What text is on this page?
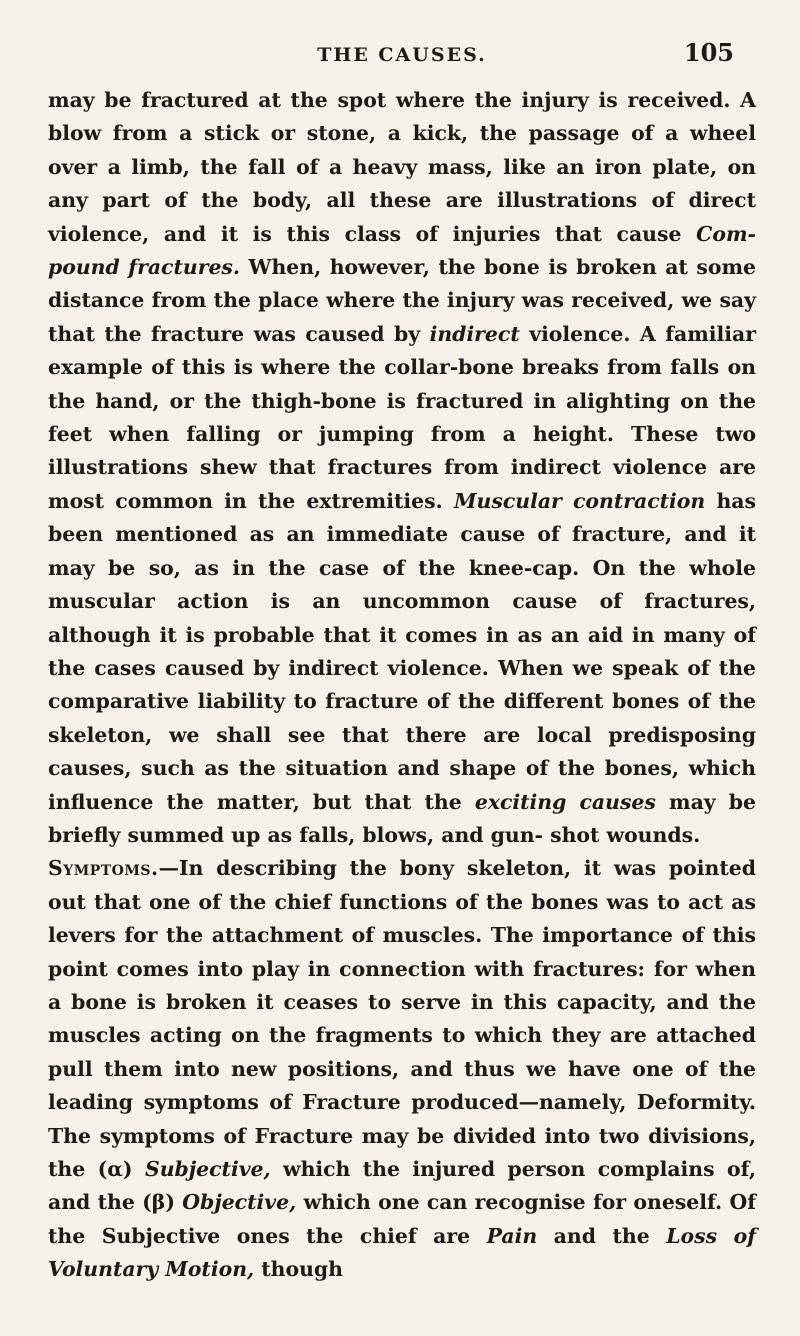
THE CAUSES.	105

may be fractured at the spot where the injury is received. A blow from a stick or stone, a kick, the passage of a wheel over a limb, the fall of a heavy mass, like an iron plate, on any part of the body, all these are illustrations of direct violence, and it is this class of injuries that cause Com- pound fractures. When, however, the bone is broken at some distance from the place where the injury was received, we say that the fracture was caused by indirect violence. A familiar example of this is where the collar-bone breaks from falls on the hand, or the thigh-bone is fractured in alighting on the feet when falling or jumping from a height. These two illustrations shew that fractures from indirect violence are most common in the extremities. Muscular contraction has been mentioned as an immediate cause of fracture, and it may be so, as in the case of the knee-cap. On the whole muscular action is an uncommon cause of fractures, although it is probable that it comes in as an aid in many of the cases caused by indirect violence. When we speak of the comparative liability to fracture of the different bones of the skeleton, we shall see that there are local predisposing causes, such as the situation and shape of the bones, which influence the matter, but that the exciting causes may be briefly summed up as falls, blows, and gun- shot wounds.

Symptoms.—In describing the bony skeleton, it was pointed out that one of the chief functions of the bones was to act as levers for the attachment of muscles. The importance of this point comes into play in connection with fractures: for when a bone is broken it ceases to serve in this capacity, and the muscles acting on the fragments to which they are attached pull them into new positions, and thus we have one of the leading symptoms of Fracture produced—namely, Deformity. The symptoms of Fracture may be divided into two divisions, the (α) Subjective, which the injured person complains of, and the (β) Objective, which one can recognise for oneself. Of the Subjective ones the chief are Pain and the Loss of Voluntary Motion, though
